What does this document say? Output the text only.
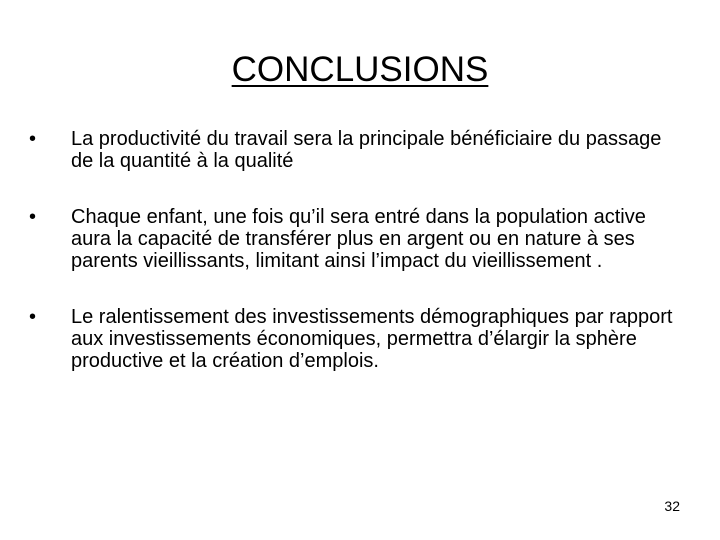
CONCLUSIONS
•	La productivité du travail sera la principale bénéficiaire du passage de la quantité à la qualité
•	Chaque enfant, une fois qu’il sera entré dans la population active aura la capacité de transférer plus en argent ou en nature à ses parents vieillissants, limitant ainsi l’impact du vieillissement .
•	Le ralentissement des investissements démographiques par rapport aux investissements économiques, permettra d’élargir la sphère productive et la création d’emplois.
32
